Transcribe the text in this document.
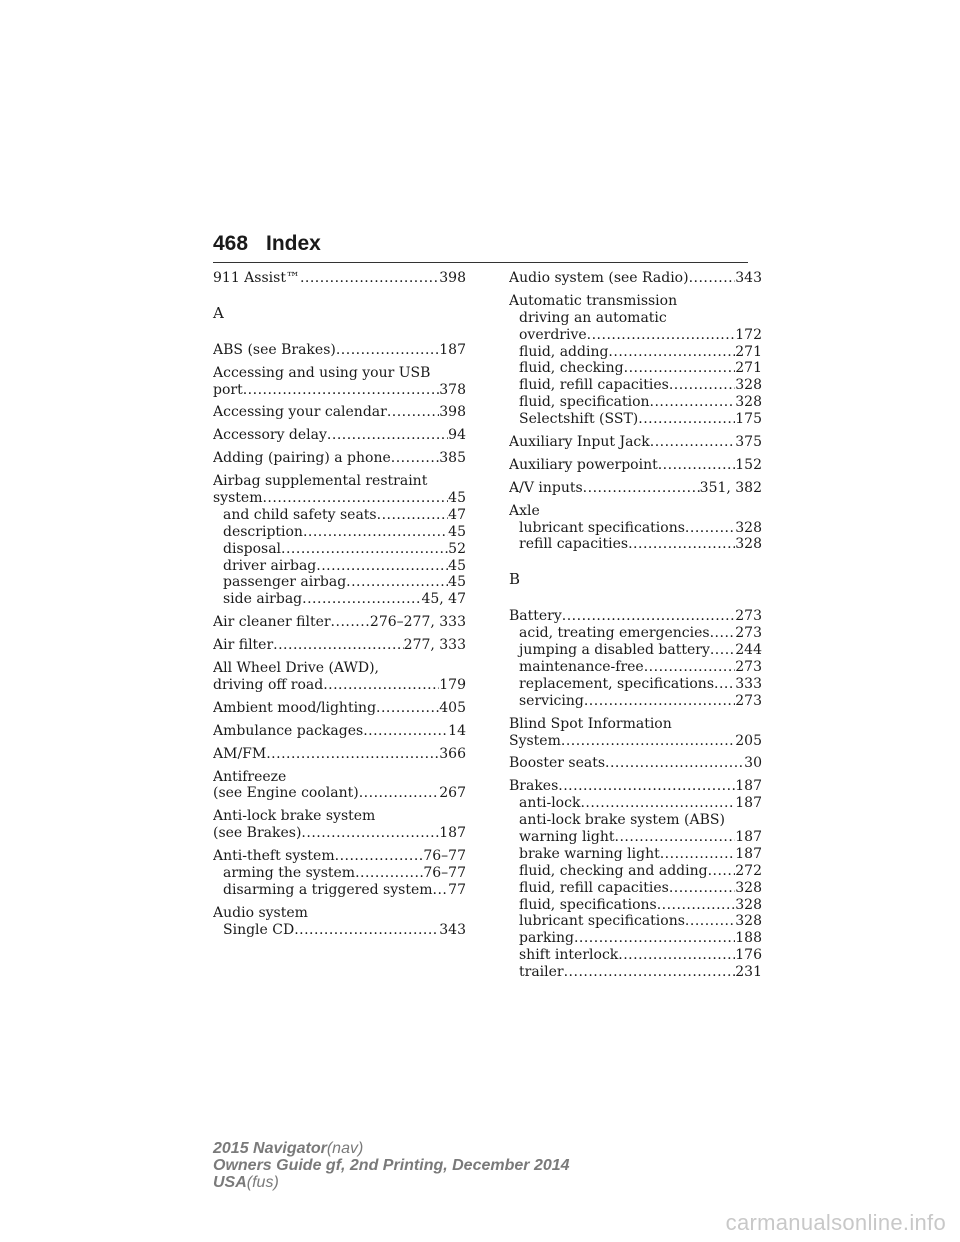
468 Index
911 Assist™ .....	398
A
ABS (see Brakes) .....	187
Accessing and using your USB
port .....	378
Accessing your calendar .....	398
Accessory delay .....	94
Adding (pairing) a phone .....	385
Airbag supplemental restraint
system .....	45
and child safety seats .....	47
description .....	45
disposal .....	52
driver airbag .....	45
passenger airbag .....	45
side airbag .....	45, 47
Air cleaner filter .....	276–277, 333
Air filter .....	277, 333
All Wheel Drive (AWD),
driving off road .....	179
Ambient mood/lighting .....	405
Ambulance packages .....	14
AM/FM .....	366
Antifreeze
(see Engine coolant) .....	267
Anti-lock brake system
(see Brakes) .....	187
Anti-theft system .....	76–77
arming the system .....	76–77
disarming a triggered system ..... 77
Audio system
Single CD .....	343
Audio system (see Radio) .....	343
Automatic transmission
driving an automatic
overdrive .....	172
fluid, adding .....	271
fluid, checking .....	271
fluid, refill capacities .....	328
fluid, specification .....	328
Selectshift (SST) .....	175
Auxiliary Input Jack .....	375
Auxiliary powerpoint .....	152
A/V inputs .....	351, 382
Axle
lubricant specifications .....	328
refill capacities .....	328
B
Battery .....	273
acid, treating emergencies ..... 273
jumping a disabled battery ..... 244
maintenance-free .....	273
replacement, specifications ..... 333
servicing .....	273
Blind Spot Information
System .....	205
Booster seats .....	30
Brakes .....	187
anti-lock .....	187
anti-lock brake system (ABS)
warning light .....	187
brake warning light .....	187
fluid, checking and adding ..... 272
fluid, refill capacities .....	328
fluid, specifications .....	328
lubricant specifications .....	328
parking .....	188
shift interlock .....	176
trailer .....	231
2015 Navigator(nav)
Owners Guide gf, 2nd Printing, December 2014
USA(fus)
carmanualsonline.info
